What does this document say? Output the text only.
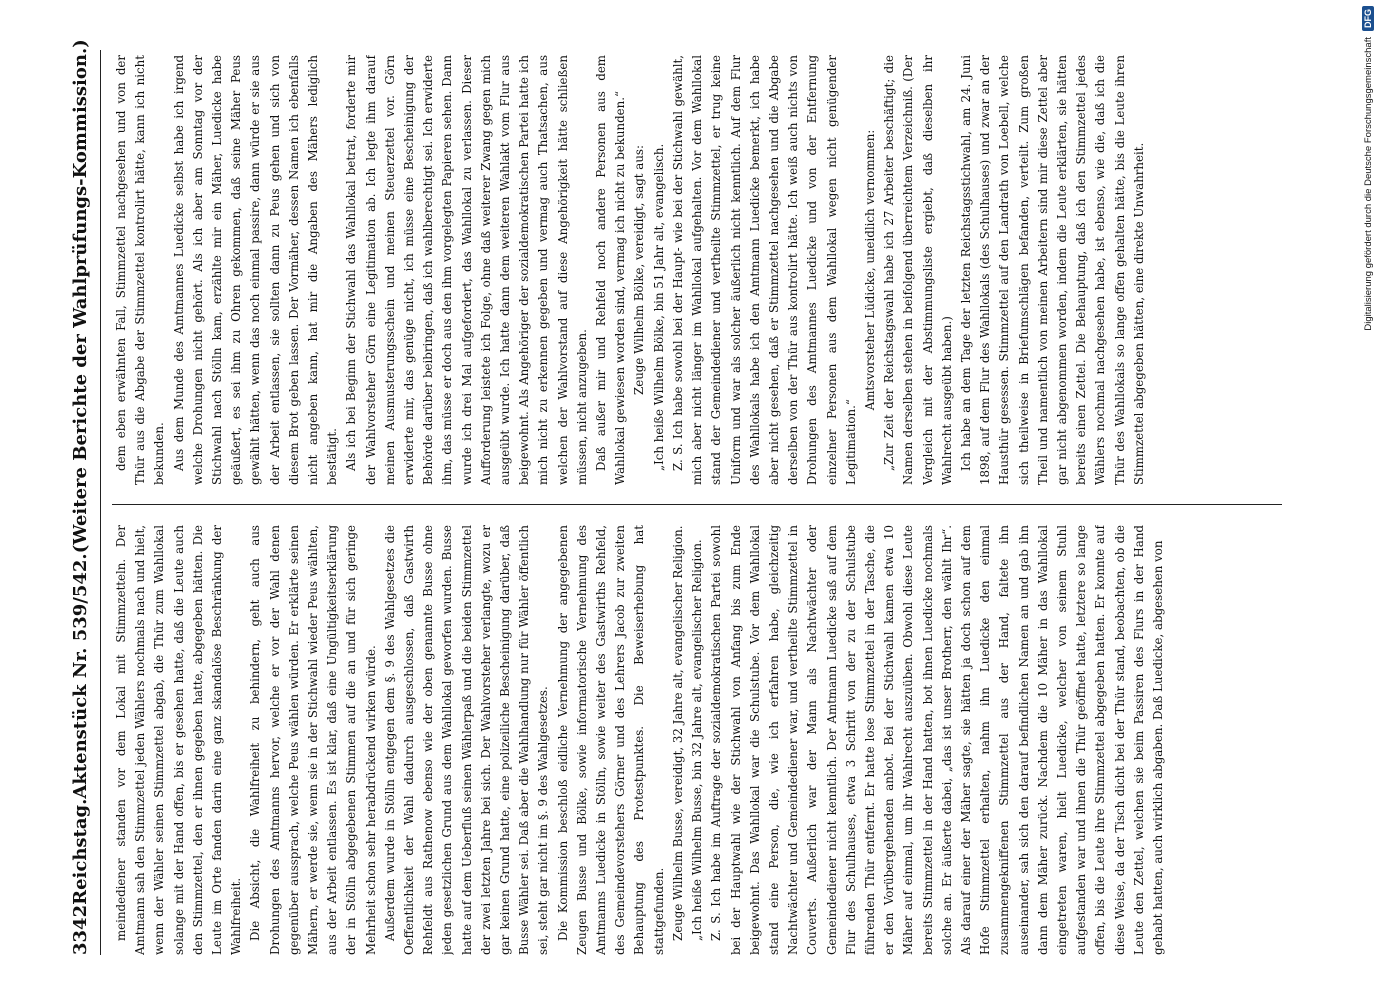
3342
Reichstag.
Aktenstück Nr. 539/542.
(Weitere Berichte der Wahlprüfungs-Kommission.)

meindediener standen vor dem Lokal mit Stimmzetteln. Der Amtmann sah den Stimmzettel jeden Wählers nochmals nach und hielt, wenn der Wähler seinen Stimmzettel abgab, die Thür zum Wahllokal solange mit der Hand offen, bis er gesehen hatte, daß die Leute auch den Stimmzettel, den er ihnen gegeben hatte, abgegeben hätten. Die Leute im Orte fanden darin eine ganz skandalöse Beschränkung der Wahlfreiheit. Die Absicht, die Wahlfreiheit zu behindern, geht auch aus Drohungen des Amtmanns hervor, welche er vor der Wahl denen gegenüber aussprach, welche Peus wählen würden. Er erklärte seinen Mähern, er werde sie, wenn sie in der Stichwahl wieder Peus wählten, aus der Arbeit entlassen. Es ist klar, daß eine Ungültigkeitserklärung der in Stölln abgegebenen Stimmen auf die an und für sich geringe Mehrheit schon sehr herabdrückend wirken würde. Außerdem wurde in Stölln entgegen dem §. 9 des Wahlgesetzes die Oeffentlichkeit der Wahl dadurch ausgeschlossen, daß Gastwirth Rehfeldt aus Rathenow ebenso wie der oben genannte Busse ohne jeden gesetzlichen Grund aus dem Wahllokal geworfen wurden. Busse hatte auf dem Ueberfluß seinen Wählerpaß und die beiden Stimmzettel der zwei letzten Jahre bei sich. Der Wahlvorsteher verlangte, wozu er gar keinen Grund hatte, eine polizeiliche Bescheinigung darüber, daß Busse Wähler sei. Daß aber die Wahlhandlung nur für Wähler öffentlich sei, steht gar nicht im §. 9 des Wahlgesetzes. Die Kommission beschloß eidliche Vernehmung der angegebenen Zeugen Busse und Bölke, sowie informatorische Vernehmung des Amtmanns Luedicke in Stölln, sowie weiter des Gastwirths Rehfeld, des Gemeindevorstehers Görner und des Lehrers Jacob zur zweiten Behauptung des Protestpunktes. Die Beweiserhebung hat stattgefunden. Zeuge Wilhelm Busse, vereidigt, 32 Jahre alt, evangelischer Religion. „Ich heiße Wilhelm Busse, bin 32 Jahre alt, evangelischer Religion. Z. S. Ich habe im Auftrage der sozialdemokratischen Partei sowohl bei der Hauptwahl wie der Stichwahl von Anfang bis zum Ende beigewohnt. Das Wahllokal war die Schulstube. Vor dem Wahllokal stand eine Person, die, wie ich erfahren habe, gleichzeitig Nachtwächter und Gemeindediener war, und vertheilte Stimmzettel in Couverts. Außerlich war der Mann als Nachtwächter oder Gemeindediener nicht kenntlich. Der Amtmann Luedicke saß auf dem Flur des Schulhauses, etwa 3 Schritt von der zu der Schulstube führenden Thür entfernt. Er hatte lose Stimmzettel in der Tasche, die er den Vorübergehenden anbot. Bei der Stichwahl kamen etwa 10 Mäher auf einmal, um ihr Wahlrecht auszuüben. Obwohl diese Leute bereits Stimmzettel in der Hand hatten, bot ihnen Luedicke nochmals solche an. Er äußerte dabei, „das ist unser Brotherr, den wählt Ihr“. Als darauf einer der Mäher sagte, sie hätten ja doch schon auf dem Hofe Stimmzettel erhalten, nahm ihn Luedicke den einmal zusammengekniffenen Stimmzettel aus der Hand, faltete ihn auseinander, sah sich den darauf befindlichen Namen an und gab ihn dann dem Mäher zurück. Nachdem die 10 Mäher in das Wahllokal eingetreten waren, hielt Luedicke, welcher von seinem Stuhl aufgestanden war und ihnen die Thür geöffnet hatte, letztere so lange offen, bis die Leute ihre Stimmzettel abgegeben hatten. Er konnte auf diese Weise, da der Tisch dicht bei der Thür stand, beobachten, ob die Leute den Zettel, welchen sie beim Passiren des Flurs in der Hand gehabt hatten, auch wirklich abgaben. Daß Luedicke, abgesehen von

dem eben erwähnten Fall, Stimmzettel nachgesehen und von der Thür aus die Abgabe der Stimmzettel kontrolirt hätte, kann ich nicht bekunden. Aus dem Munde des Amtmannes Luedicke selbst habe ich irgend welche Drohungen nicht gehört. Als ich aber am Sonntag vor der Stichwahl nach Stölln kam, erzählte mir ein Mäher, Luedicke habe geäußert, es sei ihm zu Ohren gekommen, daß seine Mäher Peus gewählt hätten, wenn das noch einmal passire, dann würde er sie aus der Arbeit entlassen, sie sollten dann zu Peus gehen und sich von diesem Brot geben lassen. Der Vormäher, dessen Namen ich ebenfalls nicht angeben kann, hat mir die Angaben des Mähers lediglich bestätigt. Als ich bei Beginn der Stichwahl das Wahllokal betrat, forderte mir der Wahlvorsteher Görn eine Legitimation ab. Ich legte ihm darauf meinen Ausmusterungsschein und meinen Steuerzettel vor. Görn erwiderte mir, das genüge nicht, ich müsse eine Bescheinigung der Behörde darüber beibringen, daß ich wahlberechtigt sei. Ich erwiderte ihm, das müsse er doch aus den ihm vorgelegten Papieren sehen. Dann wurde ich drei Mal aufgefordert, das Wahllokal zu verlassen. Dieser Aufforderung leistete ich Folge, ohne daß weiterer Zwang gegen mich ausgeübt wurde. Ich hatte dann dem weiteren Wahlakt vom Flur aus beigewohnt. Als Angehöriger der sozialdemokratischen Partei hatte ich mich nicht zu erkennen gegeben und vermag auch Thatsachen, aus welchen der Wahlvorstand auf diese Angehörigkeit hätte schließen müssen, nicht anzugeben. Daß außer mir und Rehfeld noch andere Personen aus dem Wahllokal gewiesen worden sind, vermag ich nicht zu bekunden.“ Zeuge Wilhelm Bölke, vereidigt, sagt aus: „Ich heiße Wilhelm Bölke, bin 51 Jahr alt, evangelisch. Z. S. Ich habe sowohl bei der Haupt- wie bei der Stichwahl gewählt, mich aber nicht länger im Wahllokal aufgehalten. Vor dem Wahllokal stand der Gemeindediener und vertheilte Stimmzettel, er trug keine Uniform und war als solcher äußerlich nicht kenntlich. Auf dem Flur des Wahllokals habe ich den Amtmann Luedicke bemerkt, ich habe aber nicht gesehen, daß er Stimmzettel nachgesehen und die Abgabe derselben von der Thür aus kontrolirt hätte. Ich weiß auch nichts von Drohungen des Amtmannes Luedicke und von der Entfernung einzelner Personen aus dem Wahllokal wegen nicht genügender Legitimation.“

Amtsvorsteher Lüdicke, uneidlich vernommen: „Zur Zeit der Reichstagswahl habe ich 27 Arbeiter beschäftigt; die Namen derselben stehen in beifolgend überreichtem Verzeichniß. (Der Vergleich mit der Abstimmungsliste ergiebt, daß dieselben ihr Wahlrecht ausgeübt haben.) Ich habe an dem Tage der letzten Reichstagsstichwahl, am 24. Juni 1898, auf dem Flur des Wahllokals (des Schulhauses) und zwar an der Hausthür gesessen. Stimmzettel auf den Landrath von Loebell, welche sich theilweise in Briefumschlägen befanden, verteilt. Zum großen Theil und namentlich von meinen Arbeitern sind mir diese Zettel aber gar nicht abgenommen worden, indem die Leute erklärten, sie hätten bereits einen Zettel. Die Behauptung, daß ich den Stimmzettel jedes Wählers nochmal nachgesehen habe, ist ebenso, wie die, daß ich die Thür des Wahllokals so lange offen gehalten hätte, bis die Leute ihren Stimmzettel abgegeben hätten, eine direkte Unwahrheit.

DFG
Digitalisierung gefördert durch die Deutsche Forschungsgemeinschaft
